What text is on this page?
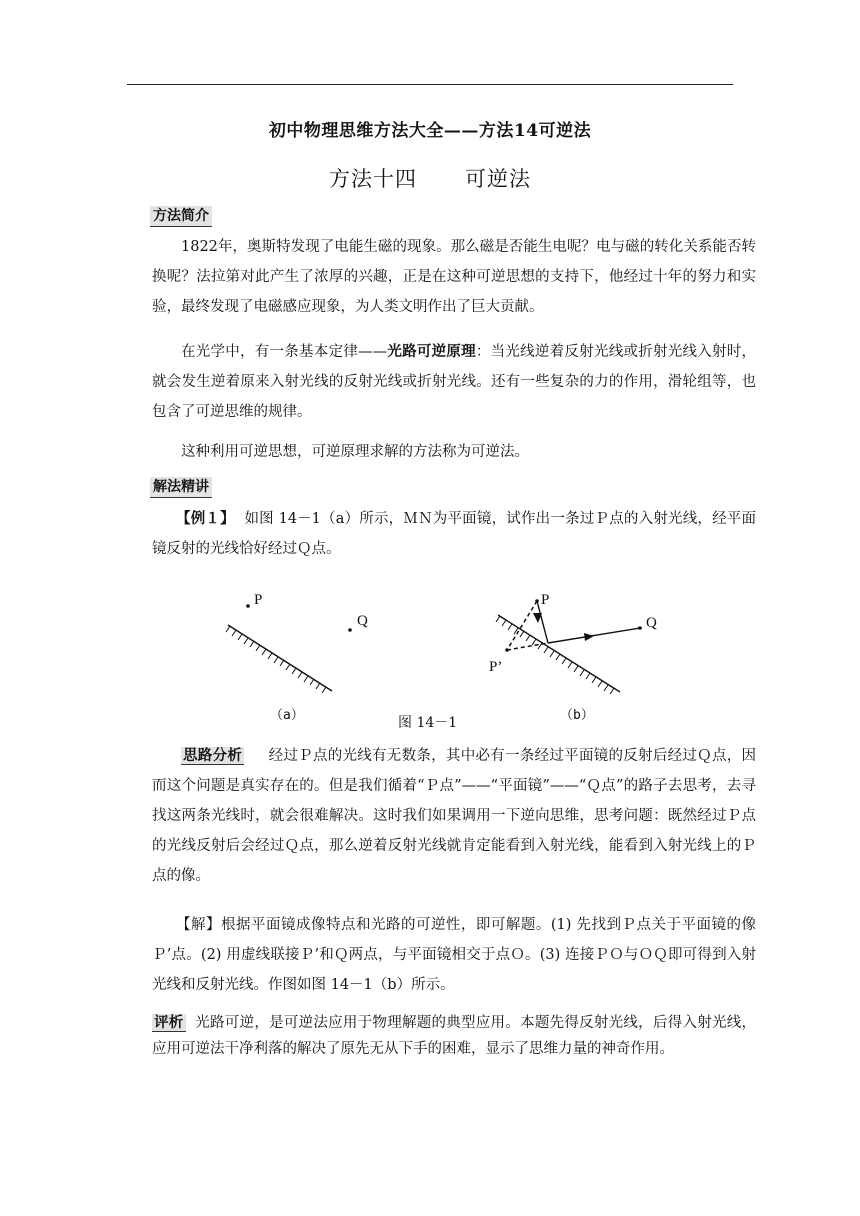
初中物理思维方法大全——方法14可逆法
方法十四 可逆法
方法简介
1822年，奥斯特发现了电能生磁的现象。那么磁是否能生电呢？电与磁的转化关系能否转换呢？法拉第对此产生了浓厚的兴趣，正是在这种可逆思想的支持下，他经过十年的努力和实验，最终发现了电磁感应现象，为人类文明作出了巨大贡献。
在光学中，有一条基本定律——光路可逆原理：当光线逆着反射光线或折射光线入射时，就会发生逆着原来入射光线的反射光线或折射光线。还有一些复杂的力的作用，滑轮组等，也包含了可逆思维的规律。
这种利用可逆思想，可逆原理求解的方法称为可逆法。
解法精讲
【例１】 如图 14－1（a）所示，ＭＮ为平面镜，试作出一条过Ｐ点的入射光线，经平面镜反射的光线恰好经过Ｑ点。
P
Q
P
Q
P’
（a）	图 14－1	（b）
思路分析 经过Ｐ点的光线有无数条，其中必有一条经过平面镜的反射后经过Ｑ点，因而这个问题是真实存在的。但是我们循着“Ｐ点”——“平面镜”——“Ｑ点”的路子去思考，去寻找这两条光线时，就会很难解决。这时我们如果调用一下逆向思维，思考问题：既然经过Ｐ点的光线反射后会经过Ｑ点，那么逆着反射光线就肯定能看到入射光线，能看到入射光线上的Ｐ点的像。
【解】根据平面镜成像特点和光路的可逆性，即可解题。(1) 先找到Ｐ点关于平面镜的像Ｐ’点。(2) 用虚线联接Ｐ’和Ｑ两点，与平面镜相交于点Ｏ。(3) 连接ＰＯ与ＯＱ即可得到入射光线和反射光线。作图如图 14－1（b）所示。
评析 光路可逆，是可逆法应用于物理解题的典型应用。本题先得反射光线，后得入射光线，应用可逆法干净利落的解决了原先无从下手的困难，显示了思维力量的神奇作用。
